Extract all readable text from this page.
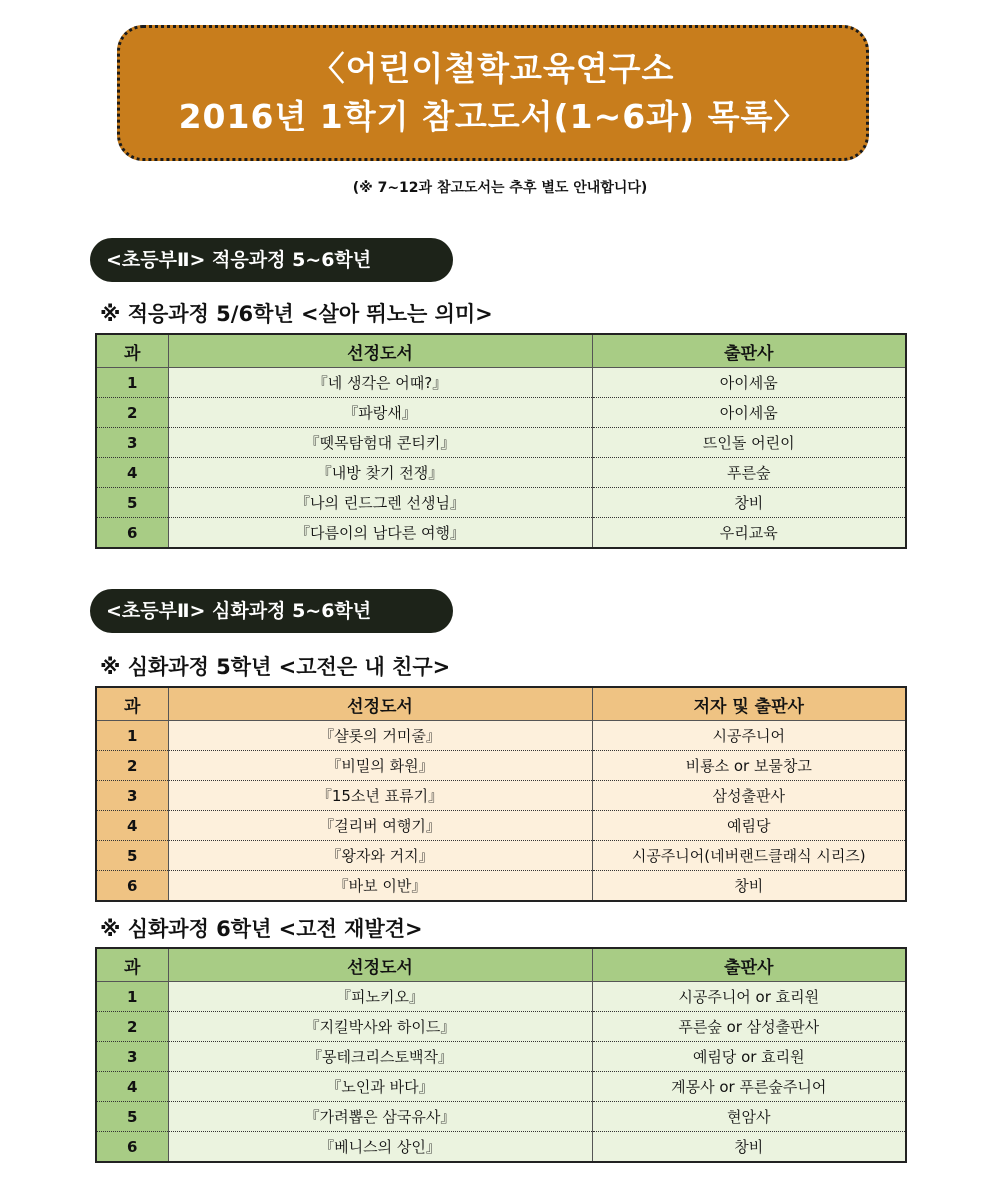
〈어린이철학교육연구소
2016년 1학기 참고도서(1~6과) 목록〉
(※ 7~12과 참고도서는 추후 별도 안내합니다)
<초등부Ⅱ> 적응과정 5~6학년
※ 적응과정 5/6학년 <살아 뛰노는 의미>
과	선정도서	출판사
1	『네 생각은 어때?』	아이세움
2	『파랑새』	아이세움
3	『뗏목탐험대 콘티키』	뜨인돌 어린이
4	『내방 찾기 전쟁』	푸른숲
5	『나의 린드그렌 선생님』	창비
6	『다름이의 남다른 여행』	우리교육
<초등부Ⅱ> 심화과정 5~6학년
※ 심화과정 5학년 <고전은 내 친구>
과	선정도서	저자 및 출판사
1	『샬롯의 거미줄』	시공주니어
2	『비밀의 화원』	비룡소 or 보물창고
3	『15소년 표류기』	삼성출판사
4	『걸리버 여행기』	예림당
5	『왕자와 거지』	시공주니어(네버랜드클래식 시리즈)
6	『바보 이반』	창비
※ 심화과정 6학년 <고전 재발견>
과	선정도서	출판사
1	『피노키오』	시공주니어 or 효리원
2	『지킬박사와 하이드』	푸른숲 or 삼성출판사
3	『몽테크리스토백작』	예림당 or 효리원
4	『노인과 바다』	계몽사 or 푸른숲주니어
5	『가려뽑은 삼국유사』	현암사
6	『베니스의 상인』	창비
